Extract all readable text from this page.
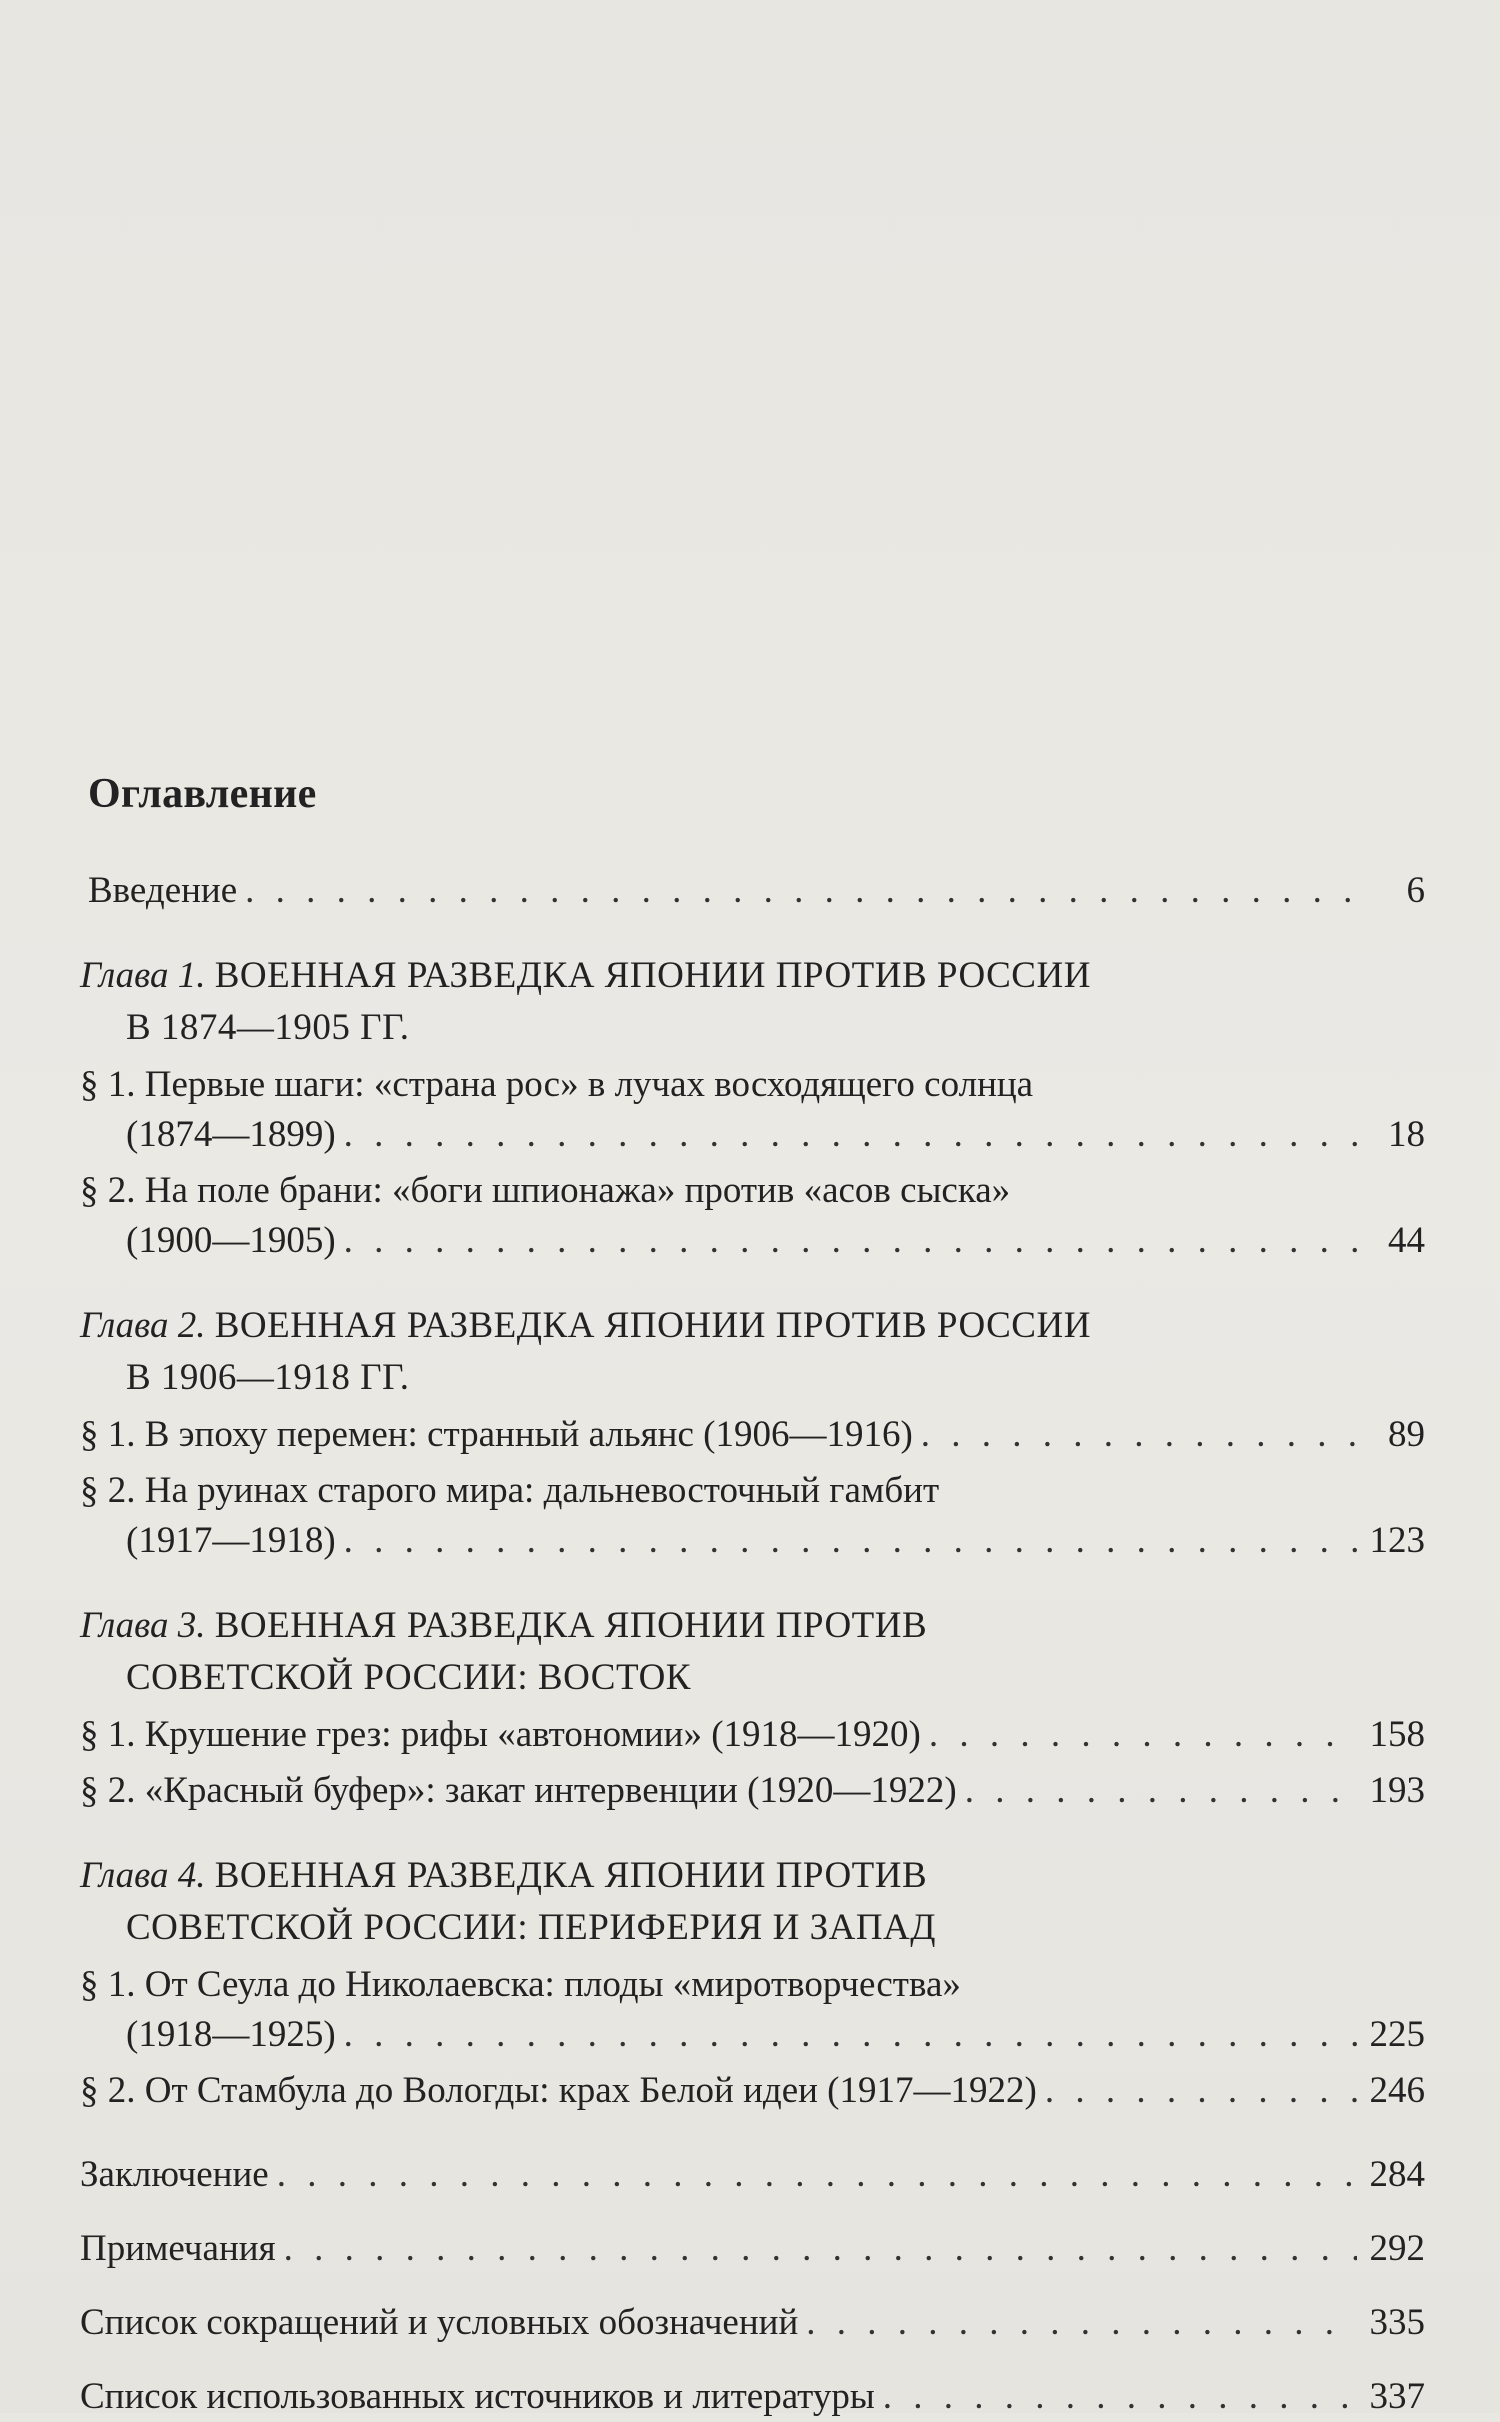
Оглавление
Введение . . .	6
Глава 1. ВОЕННАЯ РАЗВЕДКА ЯПОНИИ ПРОТИВ РОССИИ
В 1874—1905 ГГ.
§ 1. Первые шаги: «страна рос» в лучах восходящего солнца
(1874—1899) . . .	18
§ 2. На поле брани: «боги шпионажа» против «асов сыска»
(1900—1905) . . .	44
Глава 2. ВОЕННАЯ РАЗВЕДКА ЯПОНИИ ПРОТИВ РОССИИ
В 1906—1918 ГГ.
§ 1. В эпоху перемен: странный альянс (1906—1916) . . .	89
§ 2. На руинах старого мира: дальневосточный гамбит
(1917—1918) . . .	123
Глава 3. ВОЕННАЯ РАЗВЕДКА ЯПОНИИ ПРОТИВ
СОВЕТСКОЙ РОССИИ: ВОСТОК
§ 1. Крушение грез: рифы «автономии» (1918—1920) . . .	158
§ 2. «Красный буфер»: закат интервенции (1920—1922) . . .	193
Глава 4. ВОЕННАЯ РАЗВЕДКА ЯПОНИИ ПРОТИВ
СОВЕТСКОЙ РОССИИ: ПЕРИФЕРИЯ И ЗАПАД
§ 1. От Сеула до Николаевска: плоды «миротворчества»
(1918—1925) . . .	225
§ 2. От Стамбула до Вологды: крах Белой идеи (1917—1922) . . .	246
Заключение . . .	284
Примечания . . .	292
Список сокращений и условных обозначений . . .	335
Список использованных источников и литературы . . .	337
